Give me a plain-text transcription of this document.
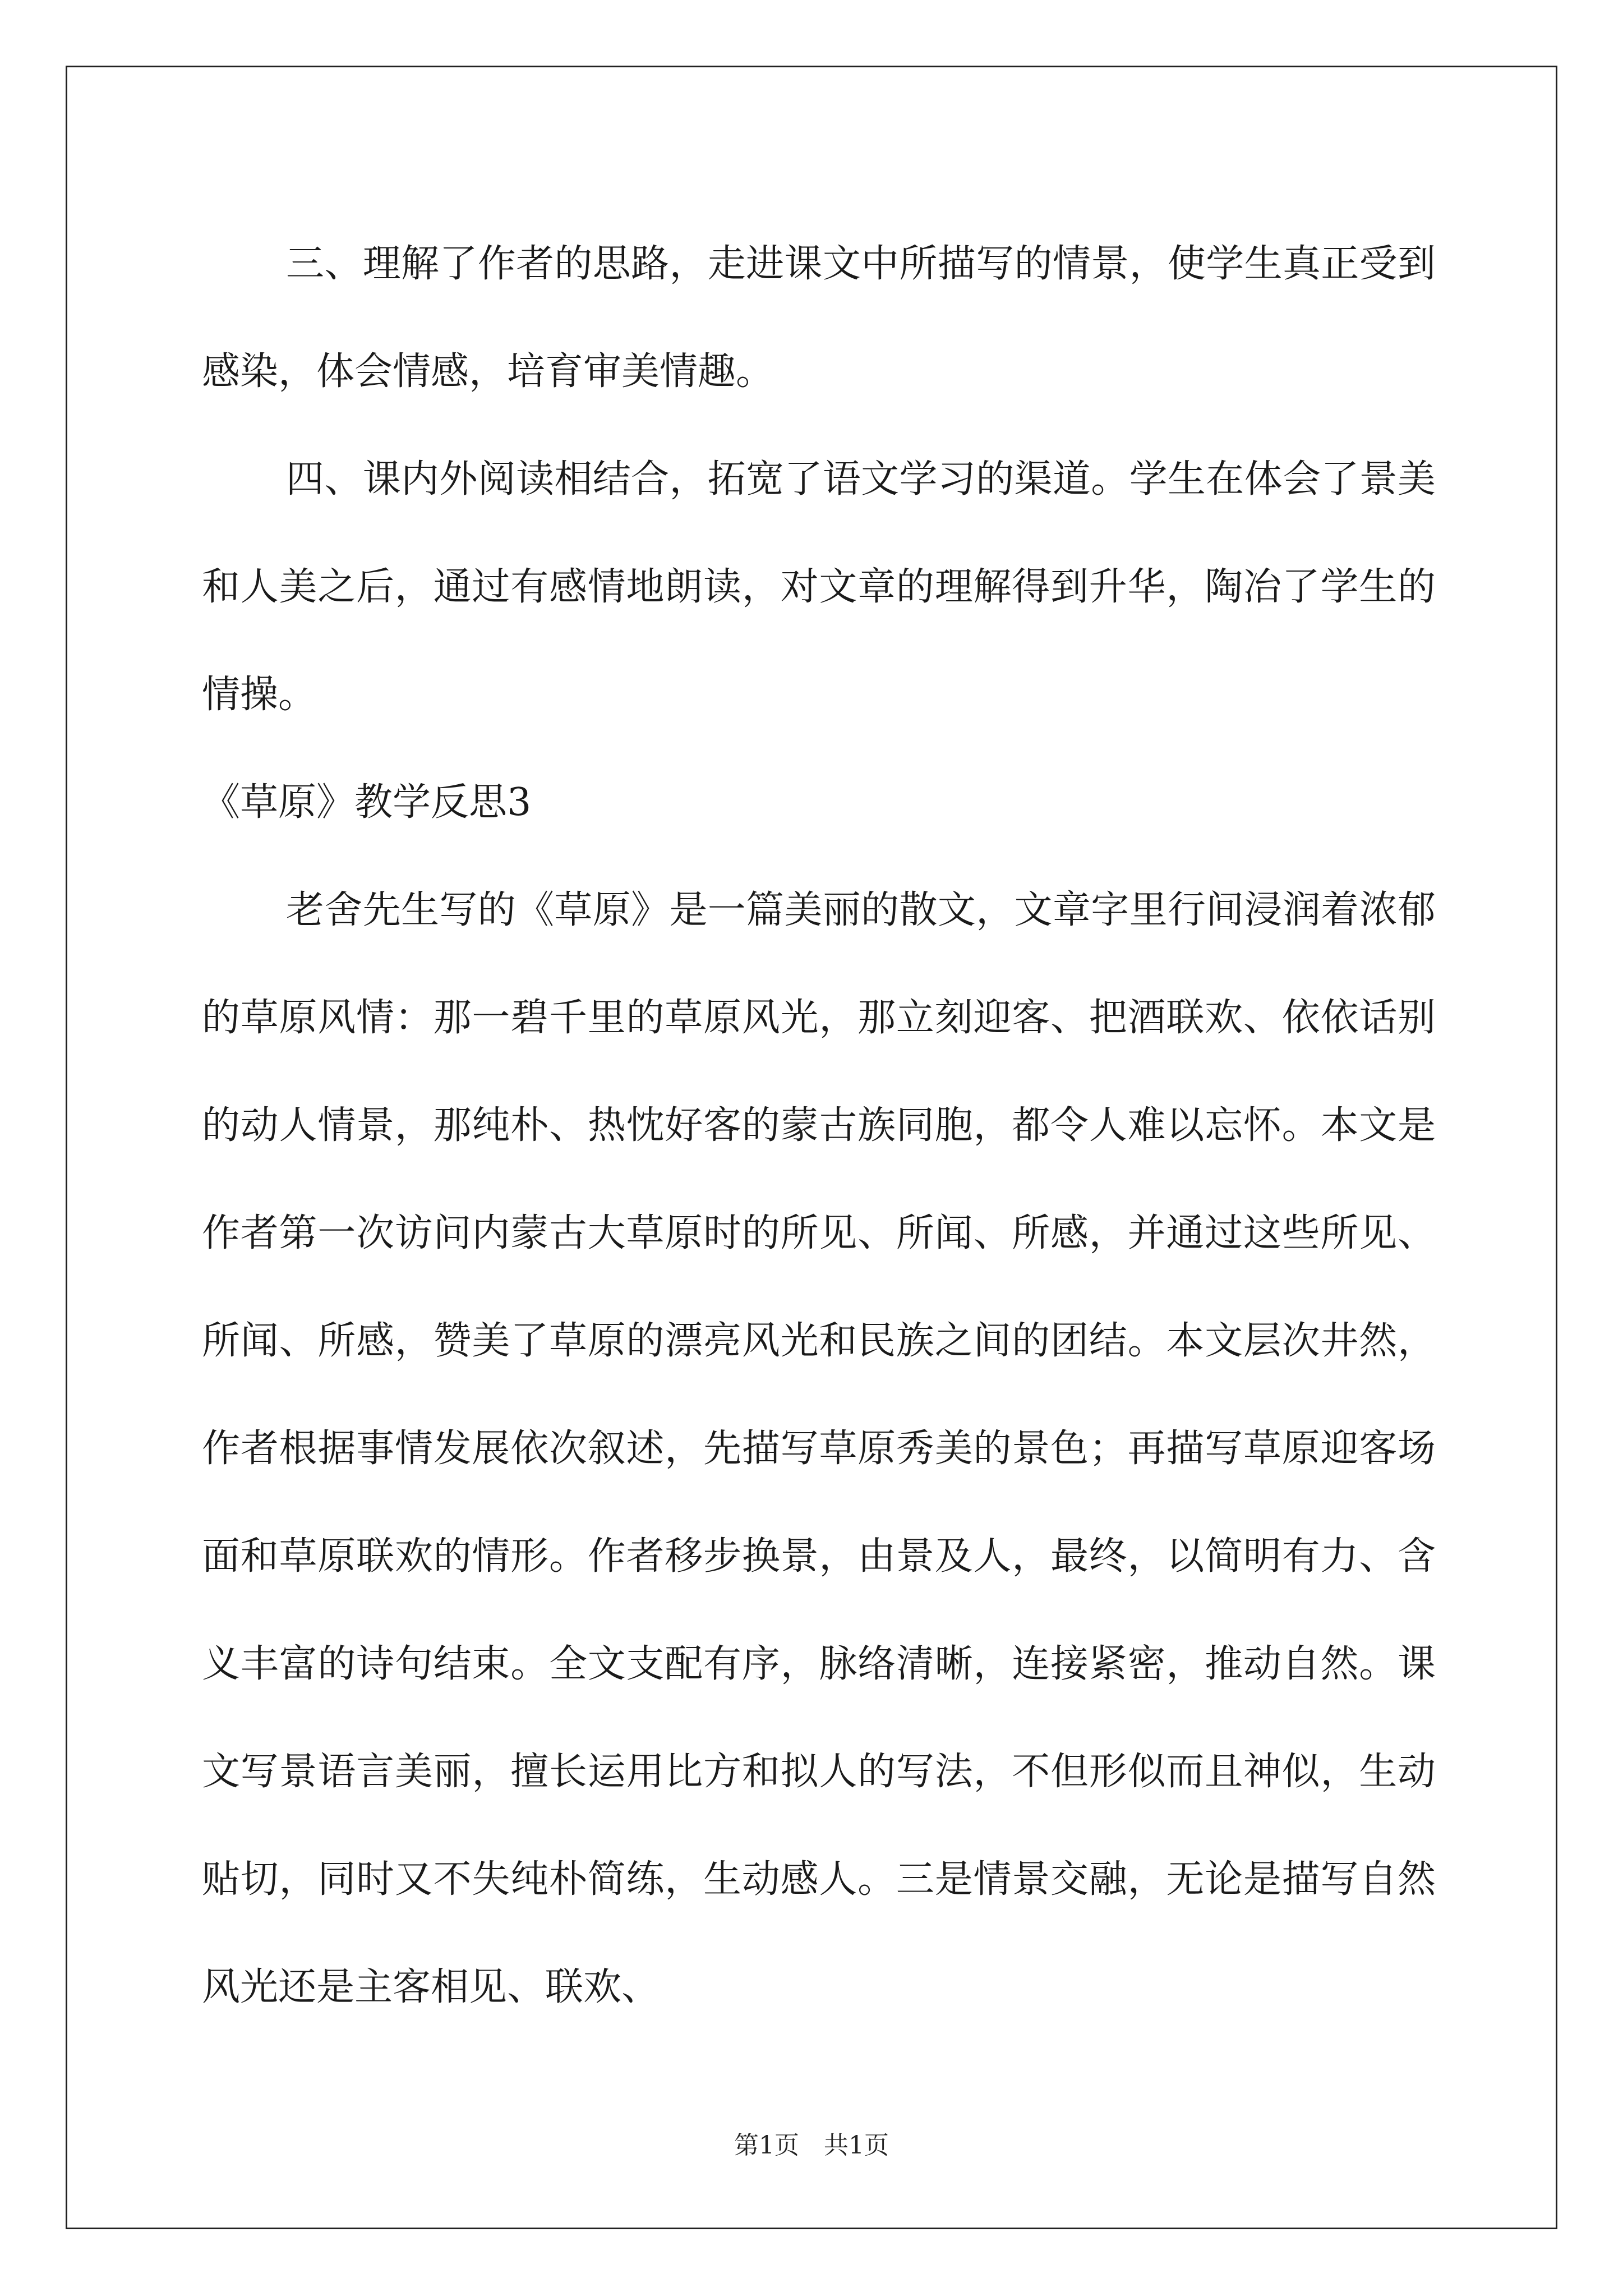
三、理解了作者的思路，走进课文中所描写的情景，使学生真正受到感染，体会情感，培育审美情趣。

四、课内外阅读相结合，拓宽了语文学习的渠道。学生在体会了景美和人美之后，通过有感情地朗读，对文章的理解得到升华，陶冶了学生的情操。

《草原》教学反思3

老舍先生写的《草原》是一篇美丽的散文，文章字里行间浸润着浓郁的草原风情：那一碧千里的草原风光，那立刻迎客、把酒联欢、依依话别的动人情景，那纯朴、热忱好客的蒙古族同胞，都令人难以忘怀。本文是作者第一次访问内蒙古大草原时的所见、所闻、所感，并通过这些所见、所闻、所感，赞美了草原的漂亮风光和民族之间的团结。本文层次井然，作者根据事情发展依次叙述，先描写草原秀美的景色；再描写草原迎客场面和草原联欢的情形。作者移步换景，由景及人，最终，以简明有力、含义丰富的诗句结束。全文支配有序，脉络清晰，连接紧密，推动自然。课文写景语言美丽，擅长运用比方和拟人的写法，不但形似而且神似，生动贴切，同时又不失纯朴简练，生动感人。三是情景交融，无论是描写自然风光还是主客相见、联欢、

第1页　共1页
